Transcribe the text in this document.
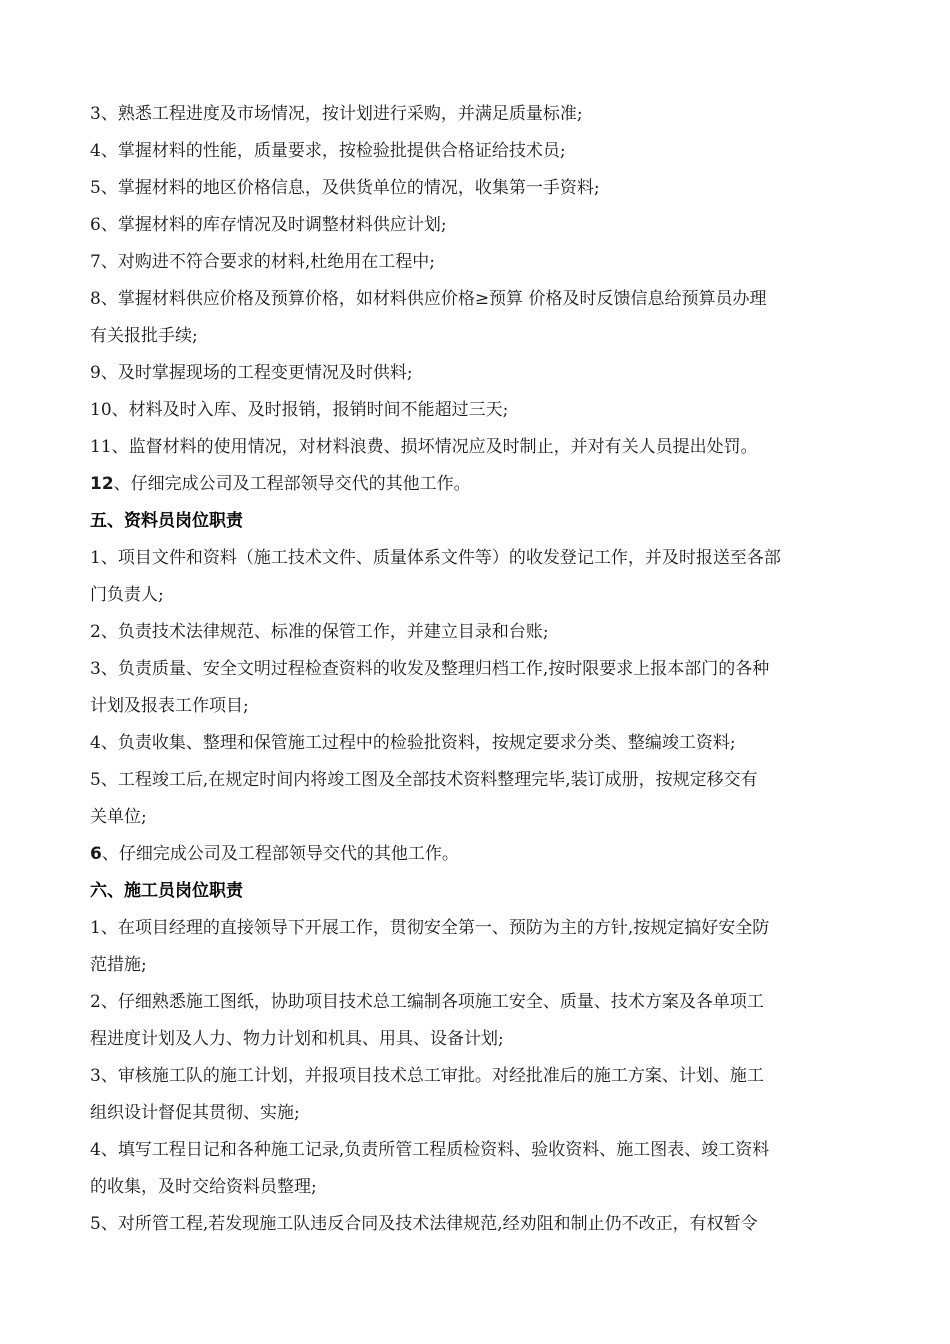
3、熟悉工程进度及市场情况，按计划进行采购，并满足质量标准;
4、掌握材料的性能，质量要求，按检验批提供合格证给技术员;
5、掌握材料的地区价格信息，及供货单位的情况，收集第一手资料;
6、掌握材料的库存情况及时调整材料供应计划;
7、对购进不符合要求的材料,杜绝用在工程中;
8、掌握材料供应价格及预算价格，如材料供应价格≥预算 价格及时反馈信息给预算员办理
有关报批手续;
9、及时掌握现场的工程变更情况及时供料;
10、材料及时入库、及时报销，报销时间不能超过三天;
11、监督材料的使用情况，对材料浪费、损坏情况应及时制止，并对有关人员提出处罚。
12、仔细完成公司及工程部领导交代的其他工作。
五、资料员岗位职责
1、项目文件和资料（施工技术文件、质量体系文件等）的收发登记工作，并及时报送至各部
门负责人;
2、负责技术法律规范、标准的保管工作，并建立目录和台账;
3、负责质量、安全文明过程检查资料的收发及整理归档工作,按时限要求上报本部门的各种
计划及报表工作项目;
4、负责收集、整理和保管施工过程中的检验批资料，按规定要求分类、整编竣工资料;
5、工程竣工后,在规定时间内将竣工图及全部技术资料整理完毕,装订成册，按规定移交有
关单位;
6、仔细完成公司及工程部领导交代的其他工作。
六、施工员岗位职责
1、在项目经理的直接领导下开展工作，贯彻安全第一、预防为主的方针,按规定搞好安全防
范措施;
2、仔细熟悉施工图纸，协助项目技术总工编制各项施工安全、质量、技术方案及各单项工
程进度计划及人力、物力计划和机具、用具、设备计划;
3、审核施工队的施工计划，并报项目技术总工审批。对经批准后的施工方案、计划、施工
组织设计督促其贯彻、实施;
4、填写工程日记和各种施工记录,负责所管工程质检资料、验收资料、施工图表、竣工资料
的收集，及时交给资料员整理;
5、对所管工程,若发现施工队违反合同及技术法律规范,经劝阻和制止仍不改正，有权暂令
